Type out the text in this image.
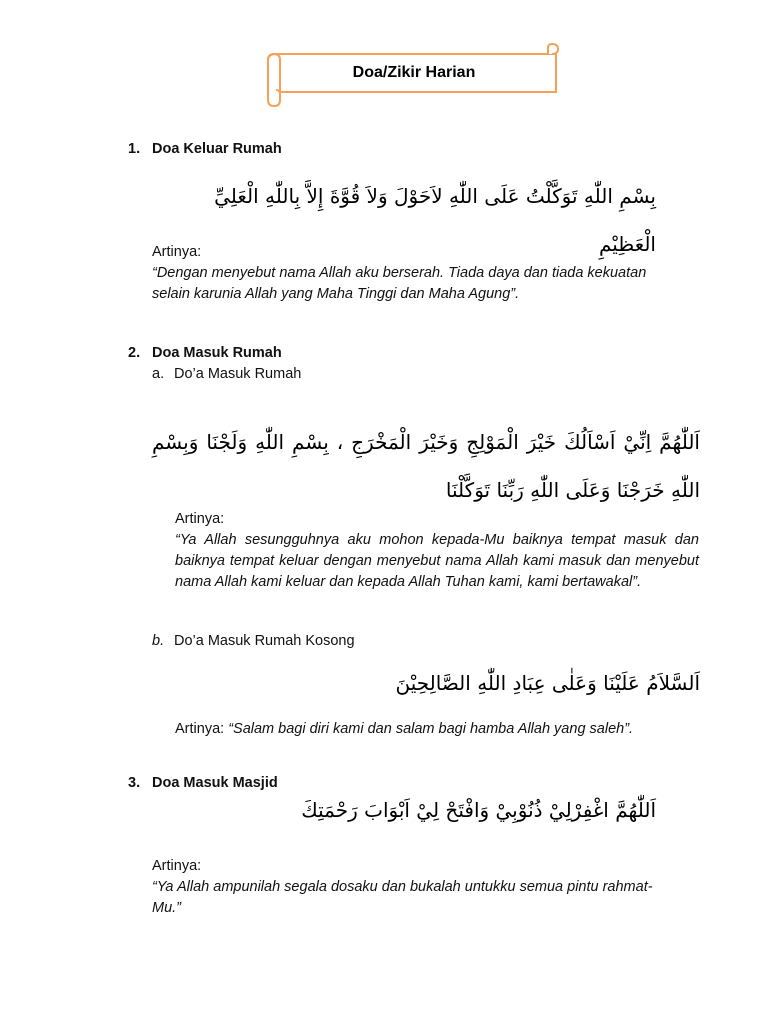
Doa/Zikir Harian
1. Doa Keluar Rumah
بِسْمِ اللّٰهِ تَوَكَّلْتُ عَلَى اللّٰهِ لاَحَوْلَ وَلاَ قُوَّةَ إِلاَّ بِاللّٰهِ الْعَلِيِّ الْعَظِيْمِ
Artinya:
“Dengan menyebut nama Allah aku berserah. Tiada daya dan tiada kekuatan selain karunia Allah yang Maha Tinggi dan Maha Agung”.
2. Doa Masuk Rumah
a. Do’a Masuk Rumah
اَللّٰهُمَّ اِنِّيْ اَسْاَلُكَ خَيْرَ الْمَوْلِجِ وَخَيْرَ الْمَخْرَجِ ، بِسْمِ اللّٰهِ وَلَجْنَا وَبِسْمِ اللّٰهِ خَرَجْنَا وَعَلَى اللّٰهِ رَبِّنَا تَوَكَّلْنَا
Artinya:
“Ya Allah sesungguhnya aku mohon kepada-Mu baiknya tempat masuk dan baiknya tempat keluar dengan menyebut nama Allah kami masuk dan menyebut nama Allah kami keluar dan kepada Allah Tuhan kami, kami bertawakal”.
b. Do’a Masuk Rumah Kosong
اَلسَّلاَمُ عَلَيْنَا وَعَلٰى عِبَادِ اللّٰهِ الصَّالِحِيْنَ
Artinya: “Salam bagi diri kami dan salam bagi hamba Allah yang saleh”.
3. Doa Masuk Masjid
اَللّٰهُمَّ اغْفِرْلِيْ ذُنُوْبِيْ وَافْتَحْ لِيْ اَبْوَابَ رَحْمَتِكَ
Artinya:
“Ya Allah ampunilah segala dosaku dan bukalah untukku semua pintu rahmat-Mu.”
